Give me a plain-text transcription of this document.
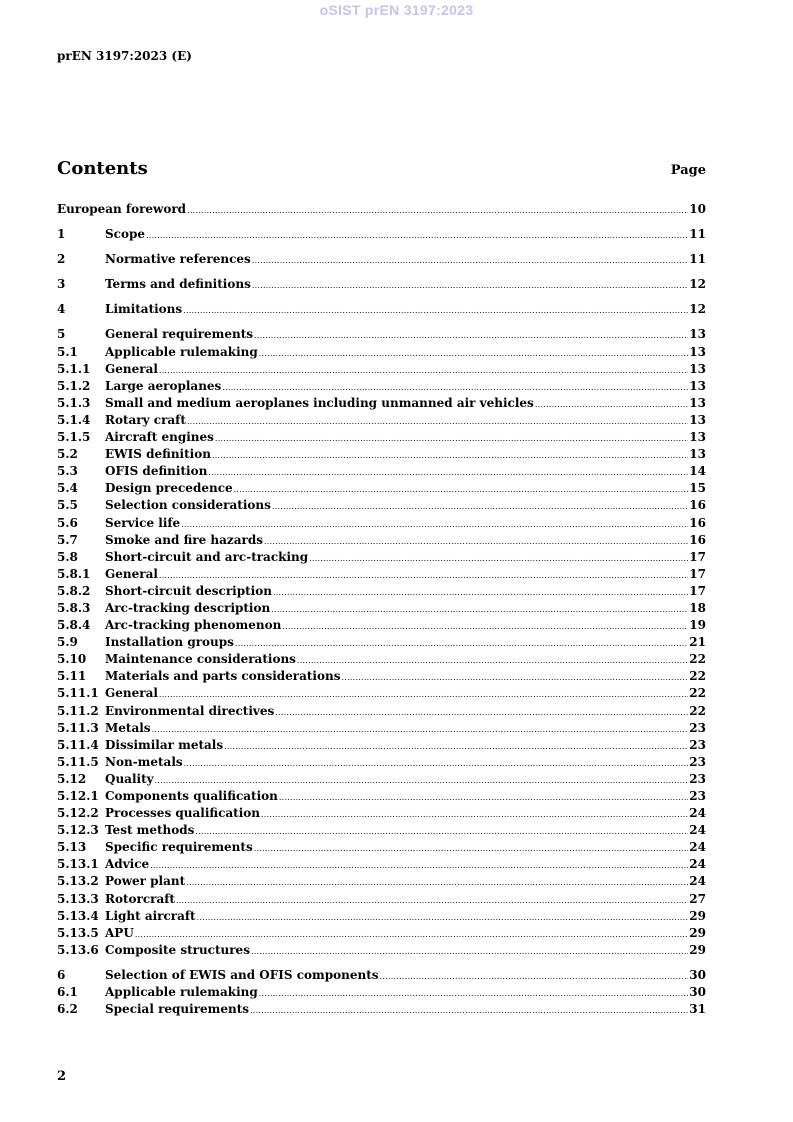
oSIST prEN 3197:2023
prEN 3197:2023 (E)
Contents	Page
European foreword .....	10
1	Scope .....	11
2	Normative references .....	11
3	Terms and definitions .....	12
4	Limitations .....	12
5	General requirements .....	13
5.1	Applicable rulemaking .....	13
5.1.1	General .....	13
5.1.2	Large aeroplanes .....	13
5.1.3	Small and medium aeroplanes including unmanned air vehicles .....	13
5.1.4	Rotary craft .....	13
5.1.5	Aircraft engines .....	13
5.2	EWIS definition .....	13
5.3	OFIS definition .....	14
5.4	Design precedence .....	15
5.5	Selection considerations .....	16
5.6	Service life .....	16
5.7	Smoke and fire hazards .....	16
5.8	Short-circuit and arc-tracking .....	17
5.8.1	General .....	17
5.8.2	Short-circuit description .....	17
5.8.3	Arc-tracking description .....	18
5.8.4	Arc-tracking phenomenon .....	19
5.9	Installation groups .....	21
5.10	Maintenance considerations .....	22
5.11	Materials and parts considerations .....	22
5.11.1 General .....	22
5.11.2 Environmental directives .....	22
5.11.3 Metals .....	23
5.11.4 Dissimilar metals .....	23
5.11.5 Non-metals .....	23
5.12	Quality .....	23
5.12.1 Components qualification .....	23
5.12.2 Processes qualification .....	24
5.12.3 Test methods .....	24
5.13	Specific requirements .....	24
5.13.1 Advice .....	24
5.13.2 Power plant .....	24
5.13.3 Rotorcraft .....	27
5.13.4 Light aircraft .....	29
5.13.5 APU .....	29
5.13.6 Composite structures .....	29
6	Selection of EWIS and OFIS components .....	30
6.1	Applicable rulemaking .....	30
6.2	Special requirements .....	31
2
